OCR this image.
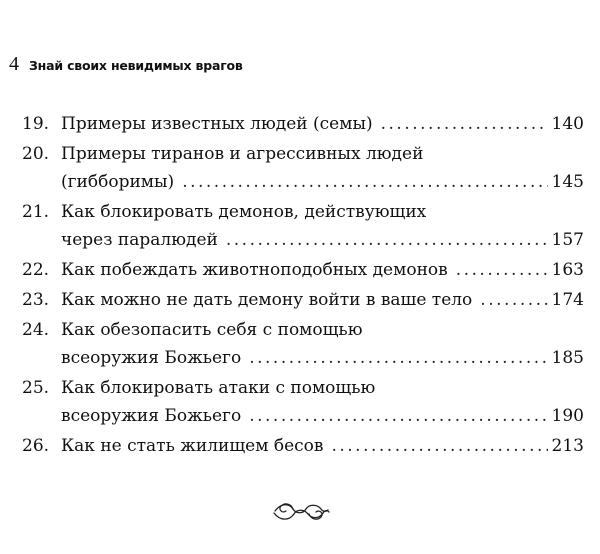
4 Знай своих невидимых врагов
19. Примеры известных людей (семы) .....	140
20. Примеры тиранов и агрессивных людей
(гибборимы) .....	145
21. Как блокировать демонов, действующих
через паралюдей .....	157
22. Как побеждать животноподобных демонов .....	163
23. Как можно не дать демону войти в ваше тело .....	174
24. Как обезопасить себя с помощью
всеоружия Божьего .....	185
25. Как блокировать атаки с помощью
всеоружия Божьего .....	190
26. Как не стать жилищем бесов .....	213
